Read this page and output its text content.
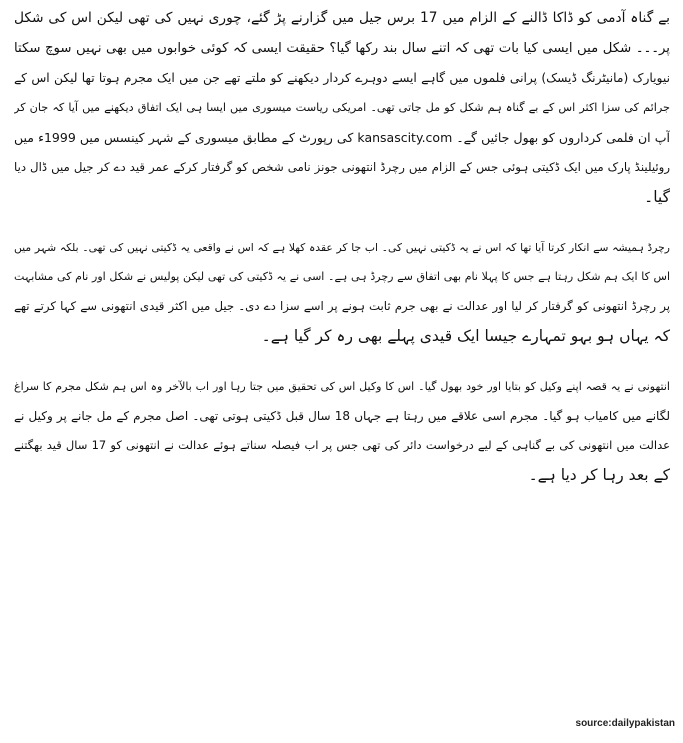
بے گناہ آدمی کو ڈاکا ڈالنے کے الزام میں 17 برس جیل میں گزارنے پڑ گئے، چوری نہیں کی تھی لیکن اس کی شکل
پر۔۔۔ شکل میں ایسی کیا بات تھی کہ اتنے سال بند رکھا گیا؟ حقیقت ایسی کہ کوئی خوابوں میں بھی نہیں سوچ سکتا
نیویارک (مانیٹرنگ ڈیسک) پرانی فلموں میں گاہے ایسے دوہرے کردار دیکھنے کو ملتے تھے جن میں ایک مجرم ہوتا تھا لیکن اس کے
جرائم کی سزا اکثر اس کے بے گناہ ہم شکل کو مل جاتی تھی۔ امریکی ریاست میسوری میں ایسا ہی ایک اتفاق دیکھنے میں آیا کہ جان کر
آپ ان فلمی کرداروں کو بھول جائیں گے۔ kansascity.com کی رپورٹ کے مطابق میسوری کے شہر کینسس میں 1999ء میں
روئیلینڈ پارک میں ایک ڈکیتی ہوئی جس کے الزام میں رچرڈ انتھونی جونز نامی شخص کو گرفتار کرکے عمر قید دے کر جیل میں ڈال دیا
گیا۔
رچرڈ ہمیشہ سے انکار کرتا آیا تھا کہ اس نے یہ ڈکیتی نہیں کی۔ اب جا کر عقدہ کھلا ہے کہ اس نے واقعی یہ ڈکیتی نہیں کی تھی۔ بلکہ شہر میں
اس کا ایک ہم شکل رہتا ہے جس کا پہلا نام بھی اتفاق سے رچرڈ ہی ہے۔ اسی نے یہ ڈکیتی کی تھی لیکن پولیس نے شکل اور نام کی مشابہت
پر رچرڈ انتھونی کو گرفتار کر لیا اور عدالت نے بھی جرم ثابت ہونے پر اسے سزا دے دی۔ جیل میں اکثر قیدی انتھونی سے کہا کرتے تھے
کہ یہاں ہو بہو تمہارے جیسا ایک قیدی پہلے بھی رہ کر گیا ہے۔
انتھونی نے یہ قصہ اپنے وکیل کو بتایا اور خود بھول گیا۔ اس کا وکیل اس کی تحقیق میں جتا رہا اور اب بالآخر وہ اس ہم شکل مجرم کا سراغ
لگانے میں کامیاب ہو گیا۔ مجرم اسی علاقے میں رہتا ہے جہاں 18 سال قبل ڈکیتی ہوتی تھی۔ اصل مجرم کے مل جانے پر وکیل نے
عدالت میں انتھونی کی بے گناہی کے لیے درخواست دائر کی تھی جس پر اب فیصلہ سناتے ہوئے عدالت نے انتھونی کو 17 سال قید بھگتنے
کے بعد رہا کر دیا ہے۔
source:dailypakistan
